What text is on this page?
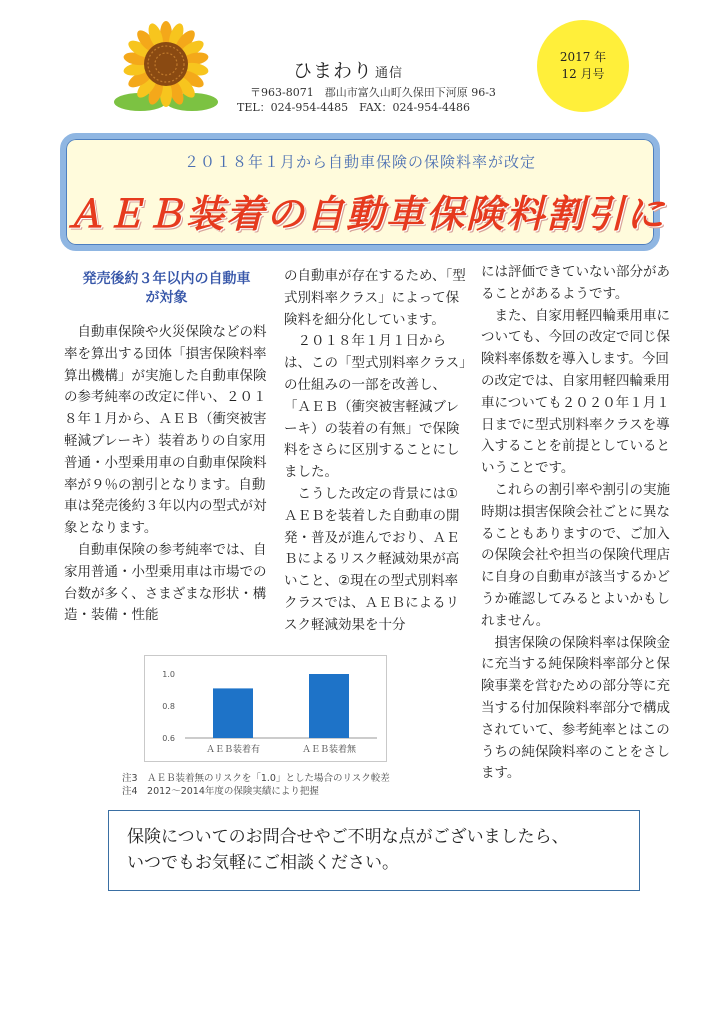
ひまわり 通信
〒963-8071　郡山市富久山町久保田下河原 96-3
TEL：024-954-4485　FAX：024-954-4486
2017 年
12 月号
２０１８年１月から自動車保険の保険料率が改定
ＡＥＢ装着の自動車保険料割引に
発売後約３年以内の自動車
が対象

自動車保険や火災保険などの料率を算出する団体「損害保険料率算出機構」が実施した自動車保険の参考純率の改定に伴い、２０１８年１月から、ＡＥＢ（衝突被害軽減ブレーキ）装着ありの自家用普通・小型乗用車の自動車保険料率が９％の割引となります。自動車は発売後約３年以内の型式が対象となります。

自動車保険の参考純率では、自家用普通・小型乗用車は市場での台数が多く、さまざまな形状・構造・装備・性能

の自動車が存在するため、「型式別料率クラス」によって保険料を細分化しています。

２０１８年１月１日からは、この「型式別料率クラス」の仕組みの一部を改善し、「ＡＥＢ（衝突被害軽減ブレーキ）の装着の有無」で保険料をさらに区別することにしました。

こうした改定の背景には①ＡＥＢを装着した自動車の開発・普及が進んでおり、ＡＥＢによるリスク軽減効果が高いこと、②現在の型式別料率クラスでは、ＡＥＢによるリスク軽減効果を十分

には評価できていない部分があることがあるようです。

また、自家用軽四輪乗用車についても、今回の改定で同じ保険料率係数を導入します。今回の改定では、自家用軽四輪乗用車についても２０２０年１月１日までに型式別料率クラスを導入することを前提としているということです。

これらの割引率や割引の実施時期は損害保険会社ごとに異なることもありますので、ご加入の保険会社や担当の保険代理店に自身の自動車が該当するかどうか確認してみるとよいかもしれません。

損害保険の保険料率は保険金に充当する純保険料率部分と保険事業を営むための部分等に充当する付加保険料率部分で構成されていて、参考純率とはこのうちの純保険料率のことをさします。

0.6
0.8
1.0
ＡＥＢ装着有	ＡＥＢ装着無
注3　ＡＥＢ装着無のリスクを「1.0」とした場合のリスク較差
注4　2012～2014年度の保険実績により把握
保険についてのお問合せやご不明な点がございましたら、
いつでもお気軽にご相談ください。
